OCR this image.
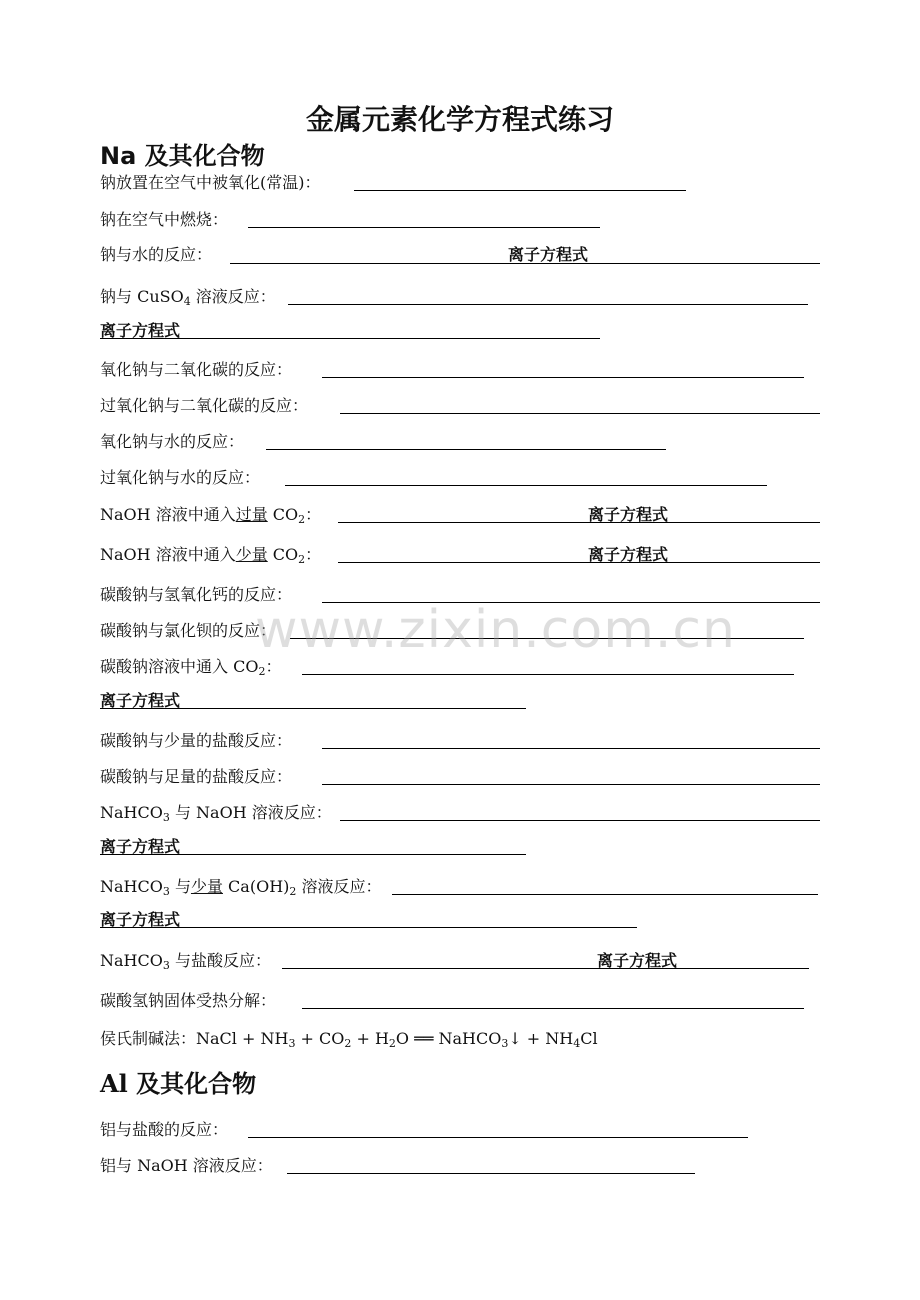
金属元素化学方程式练习
Na 及其化合物
钠放置在空气中被氧化(常温)：
钠在空气中燃烧：
钠与水的反应：	离子方程式
钠与 CuSO$_4$ 溶液反应：
离子方程式
氧化钠与二氧化碳的反应：
过氧化钠与二氧化碳的反应：
氧化钠与水的反应：
过氧化钠与水的反应：
NaOH 溶液中通入过量 $CO_2$：	离子方程式
NaOH 溶液中通入少量 $CO_2$：	离子方程式
碳酸钠与氢氧化钙的反应：
碳酸钠与氯化钡的反应：
碳酸钠溶液中通入 $CO_2$：
离子方程式
碳酸钠与少量的盐酸反应：
碳酸钠与足量的盐酸反应：
NaHCO$_3$ 与 NaOH 溶液反应：
离子方程式
NaHCO$_3$ 与少量 $Ca(OH)_2$ 溶液反应：
离子方程式
NaHCO$_3$ 与盐酸反应：	离子方程式
碳酸氢钠固体受热分解：
侯氏制碱法：NaCl + $NH_3 + CO_2 + H_2O$ ══ NaHCO$_3$↓ + $NH_4Cl$
Al 及其化合物
铝与盐酸的反应：
铝与 NaOH 溶液反应：
www.zixin.com.cn
